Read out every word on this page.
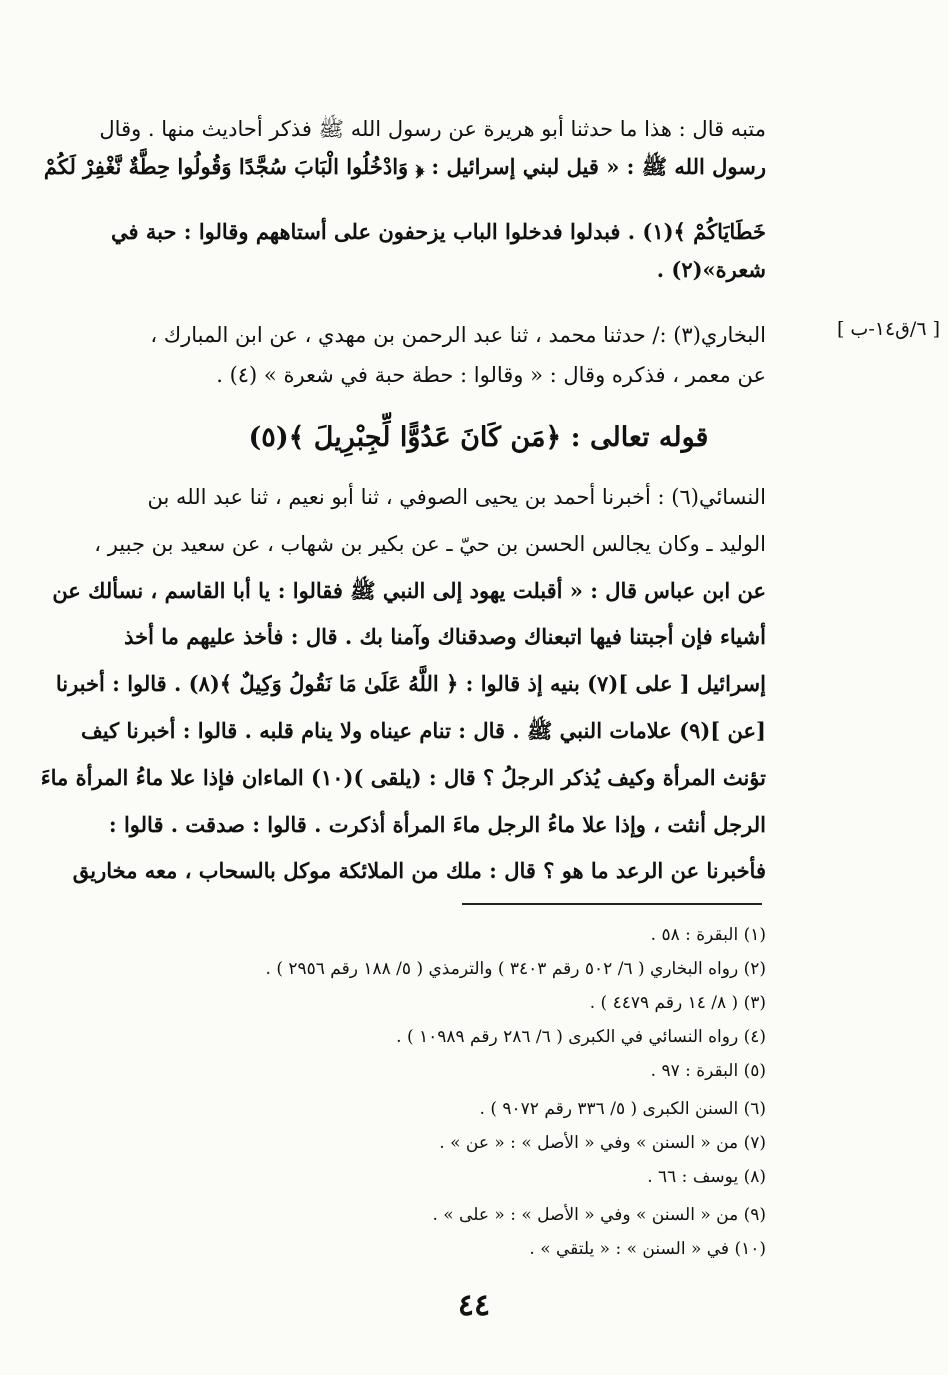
[ ٦/ق١٤-ب ]
متبه قال : هذا ما حدثنا أبو هريرة عن رسول الله ﷺ فذكر أحاديث منها . وقال
رسول الله ﷺ : « قيل لبني إسرائيل : ﴿ وَادْخُلُوا الْبَابَ سُجَّدًا وَقُولُوا حِطَّةٌ نَّغْفِرْ لَكُمْ
خَطَايَاكُمْ ﴾(١) . فبدلوا فدخلوا الباب يزحفون على أستاههم وقالوا : حبة في
شعرة»(٢) .
البخاري(٣) :/ حدثنا محمد ، ثنا عبد الرحمن بن مهدي ، عن ابن المبارك ،
عن معمر ، فذكره وقال : « وقالوا : حطة حبة في شعرة » (٤) .
قوله تعالى : ﴿مَن كَانَ عَدُوًّا لِّجِبْرِيلَ ﴾(٥)
النسائي(٦) : أخبرنا أحمد بن يحيى الصوفي ، ثنا أبو نعيم ، ثنا عبد الله بن
الوليد ـ وكان يجالس الحسن بن حيّ ـ عن بكير بن شهاب ، عن سعيد بن جبير ،
عن ابن عباس قال : « أقبلت يهود إلى النبي ﷺ فقالوا : يا أبا القاسم ، نسألك عن
أشياء فإن أجبتنا فيها اتبعناك وصدقناك وآمنا بك . قال : فأخذ عليهم ما أخذ
إسرائيل [ على ](٧) بنيه إذ قالوا : ﴿ اللَّهُ عَلَىٰ مَا نَقُولُ وَكِيلٌ ﴾(٨) . قالوا : أخبرنا
[عن ](٩) علامات النبي ﷺ . قال : تنام عيناه ولا ينام قلبه . قالوا : أخبرنا كيف
تؤنث المرأة وكيف يُذكر الرجلُ ؟ قال : (يلقى )(١٠) الماءان فإذا علا ماءُ المرأة ماءَ
الرجل أنثت ، وإذا علا ماءُ الرجل ماءَ المرأة أذكرت . قالوا : صدقت . قالوا :
فأخبرنا عن الرعد ما هو ؟ قال : ملك من الملائكة موكل بالسحاب ، معه مخاريق
(١) البقرة : ٥٨ .
(٢) رواه البخاري ( ٦/ ٥٠٢ رقم ٣٤٠٣ ) والترمذي ( ٥/ ١٨٨ رقم ٢٩٥٦ ) .
(٣) ( ٨/ ١٤ رقم ٤٤٧٩ ) .
(٤) رواه النسائي في الكبرى ( ٦/ ٢٨٦ رقم ١٠٩٨٩ ) .
(٥) البقرة : ٩٧ .
(٦) السنن الكبرى ( ٥/ ٣٣٦ رقم ٩٠٧٢ ) .
(٧) من « السنن » وفي « الأصل » : « عن » .
(٨) يوسف : ٦٦ .
(٩) من « السنن » وفي « الأصل » : « على » .
(١٠) في « السنن » : « يلتقي » .
٤٤
